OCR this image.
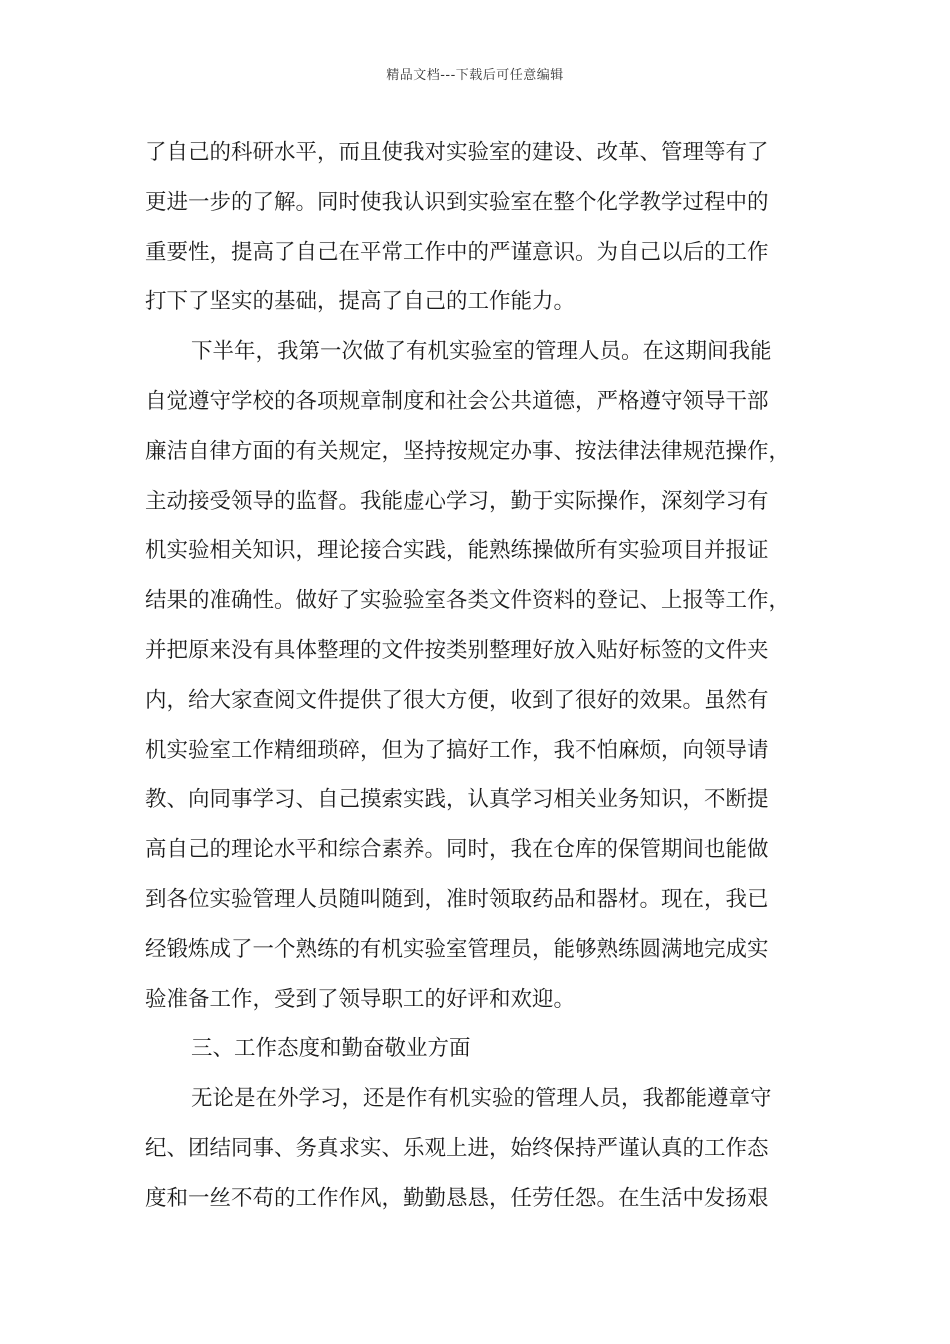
精品文档---下载后可任意编辑
了自己的科研水平，而且使我对实验室的建设、改革、管理等有了
更进一步的了解。同时使我认识到实验室在整个化学教学过程中的
重要性，提高了自己在平常工作中的严谨意识。为自己以后的工作
打下了坚实的基础，提高了自己的工作能力。
下半年，我第一次做了有机实验室的管理人员。在这期间我能
自觉遵守学校的各项规章制度和社会公共道德，严格遵守领导干部
廉洁自律方面的有关规定，坚持按规定办事、按法律法律规范操作，
主动接受领导的监督。我能虚心学习，勤于实际操作，深刻学习有
机实验相关知识，理论接合实践，能熟练操做所有实验项目并报证
结果的准确性。做好了实验验室各类文件资料的登记、上报等工作，
并把原来没有具体整理的文件按类别整理好放入贴好标签的文件夹
内，给大家查阅文件提供了很大方便，收到了很好的效果。虽然有
机实验室工作精细琐碎，但为了搞好工作，我不怕麻烦，向领导请
教、向同事学习、自己摸索实践，认真学习相关业务知识，不断提
高自己的理论水平和综合素养。同时，我在仓库的保管期间也能做
到各位实验管理人员随叫随到，准时领取药品和器材。现在，我已
经锻炼成了一个熟练的有机实验室管理员，能够熟练圆满地完成实
验准备工作，受到了领导职工的好评和欢迎。
三、工作态度和勤奋敬业方面
无论是在外学习，还是作有机实验的管理人员，我都能遵章守
纪、团结同事、务真求实、乐观上进，始终保持严谨认真的工作态
度和一丝不苟的工作作风，勤勤恳恳，任劳任怨。在生活中发扬艰
